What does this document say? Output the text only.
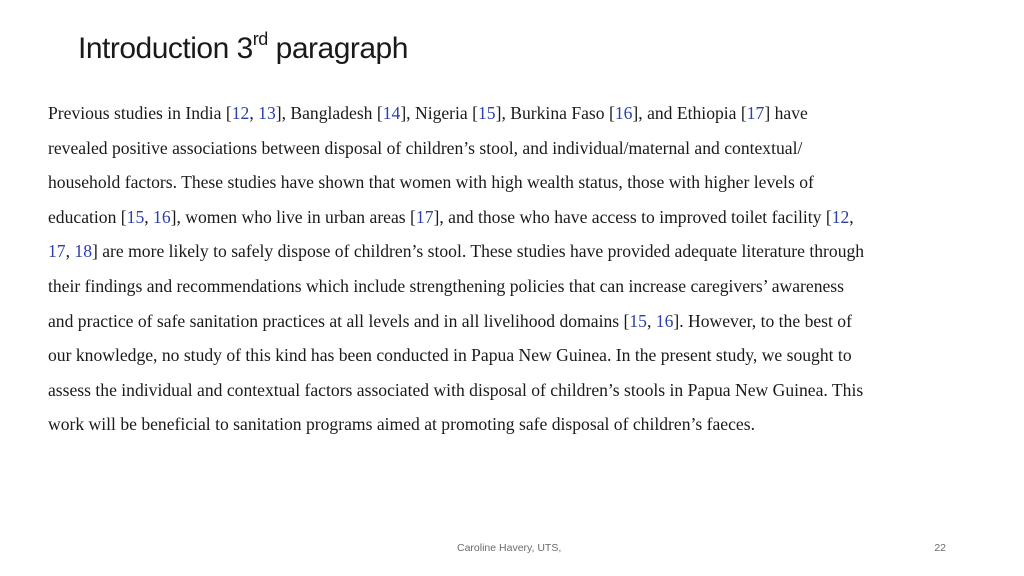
Introduction 3rd paragraph
Previous studies in India [12, 13], Bangladesh [14], Nigeria [15], Burkina Faso [16], and Ethiopia [17] have
revealed positive associations between disposal of children’s stool, and individual/maternal and contextual/
household factors. These studies have shown that women with high wealth status, those with higher levels of
education [15, 16], women who live in urban areas [17], and those who have access to improved toilet facility [12,
17, 18] are more likely to safely dispose of children’s stool. These studies have provided adequate literature through
their findings and recommendations which include strengthening policies that can increase caregivers’ awareness
and practice of safe sanitation practices at all levels and in all livelihood domains [15, 16]. However, to the best of
our knowledge, no study of this kind has been conducted in Papua New Guinea. In the present study, we sought to
assess the individual and contextual factors associated with disposal of children’s stools in Papua New Guinea. This
work will be beneficial to sanitation programs aimed at promoting safe disposal of children’s faeces.
Caroline Havery, UTS,	22
